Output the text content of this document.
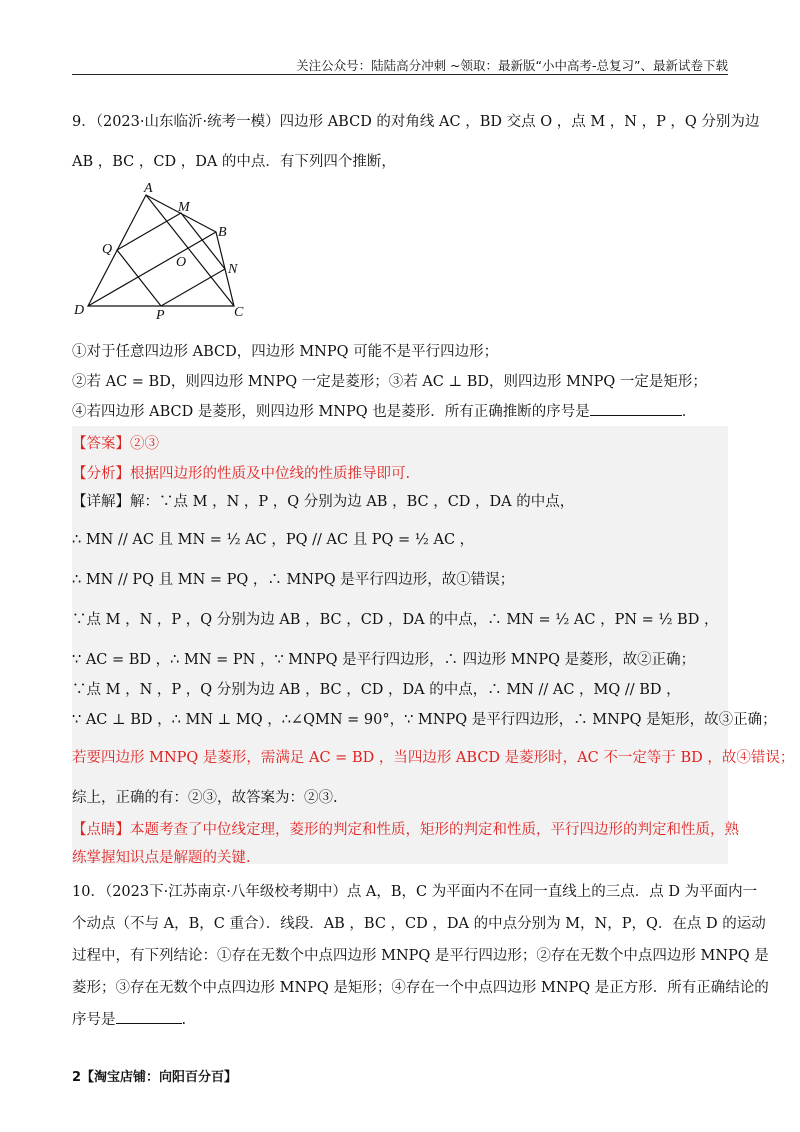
关注公众号：陆陆高分冲刺 ~领取：最新版“小中高考-总复习”、最新试卷下载
9．（2023·山东临沂·统考一模）四边形 ABCD 的对角线 AC ，BD 交点 O ，点 M ，N ，P ，Q 分别为边
AB ，BC ，CD ，DA 的中点．有下列四个推断，
A
M
B
Q
O	N
D	P	C
①对于任意四边形 ABCD，四边形 MNPQ 可能不是平行四边形；
②若 AC = BD，则四边形 MNPQ 一定是菱形；③若 AC ⊥ BD，则四边形 MNPQ 一定是矩形；
④若四边形 ABCD 是菱形，则四边形 MNPQ 也是菱形．所有正确推断的序号是	．
【答案】②③
【分析】根据四边形的性质及中位线的性质推导即可.
【详解】解：∵点 M ，N ，P ，Q 分别为边 AB ，BC ，CD ，DA 的中点，
∴ MN // AC 且 MN = ½ AC ，PQ // AC 且 PQ = ½ AC ，
∴ MN // PQ 且 MN = PQ ，∴ MNPQ 是平行四边形，故①错误；
∵点 M ，N ，P ，Q 分别为边 AB ，BC ，CD ，DA 的中点，∴ MN = ½ AC ，PN = ½ BD ，
∵ AC = BD ，∴ MN = PN ，∵ MNPQ 是平行四边形，∴ 四边形 MNPQ 是菱形，故②正确；
∵点 M ，N ，P ，Q 分别为边 AB ，BC ，CD ，DA 的中点，∴ MN // AC ，MQ // BD ，
∵ AC ⊥ BD ，∴ MN ⊥ MQ ，∴∠QMN = 90°，∵ MNPQ 是平行四边形，∴ MNPQ 是矩形，故③正确；
若要四边形 MNPQ 是菱形，需满足 AC = BD ，当四边形 ABCD 是菱形时，AC 不一定等于 BD ，故④错误；
综上，正确的有：②③，故答案为：②③.
【点睛】本题考查了中位线定理，菱形的判定和性质，矩形的判定和性质，平行四边形的判定和性质，熟
练掌握知识点是解题的关键.
10．（2023下·江苏南京·八年级校考期中）点 A，B，C 为平面内不在同一直线上的三点．点 D 为平面内一
个动点（不与 A，B，C 重合）．线段．AB ，BC ，CD ，DA 的中点分别为 M，N，P，Q．在点 D 的运动
过程中，有下列结论：①存在无数个中点四边形 MNPQ 是平行四边形；②存在无数个中点四边形 MNPQ 是
菱形；③存在无数个中点四边形 MNPQ 是矩形；④存在一个中点四边形 MNPQ 是正方形．所有正确结论的
序号是	.
2【淘宝店铺：向阳百分百】
